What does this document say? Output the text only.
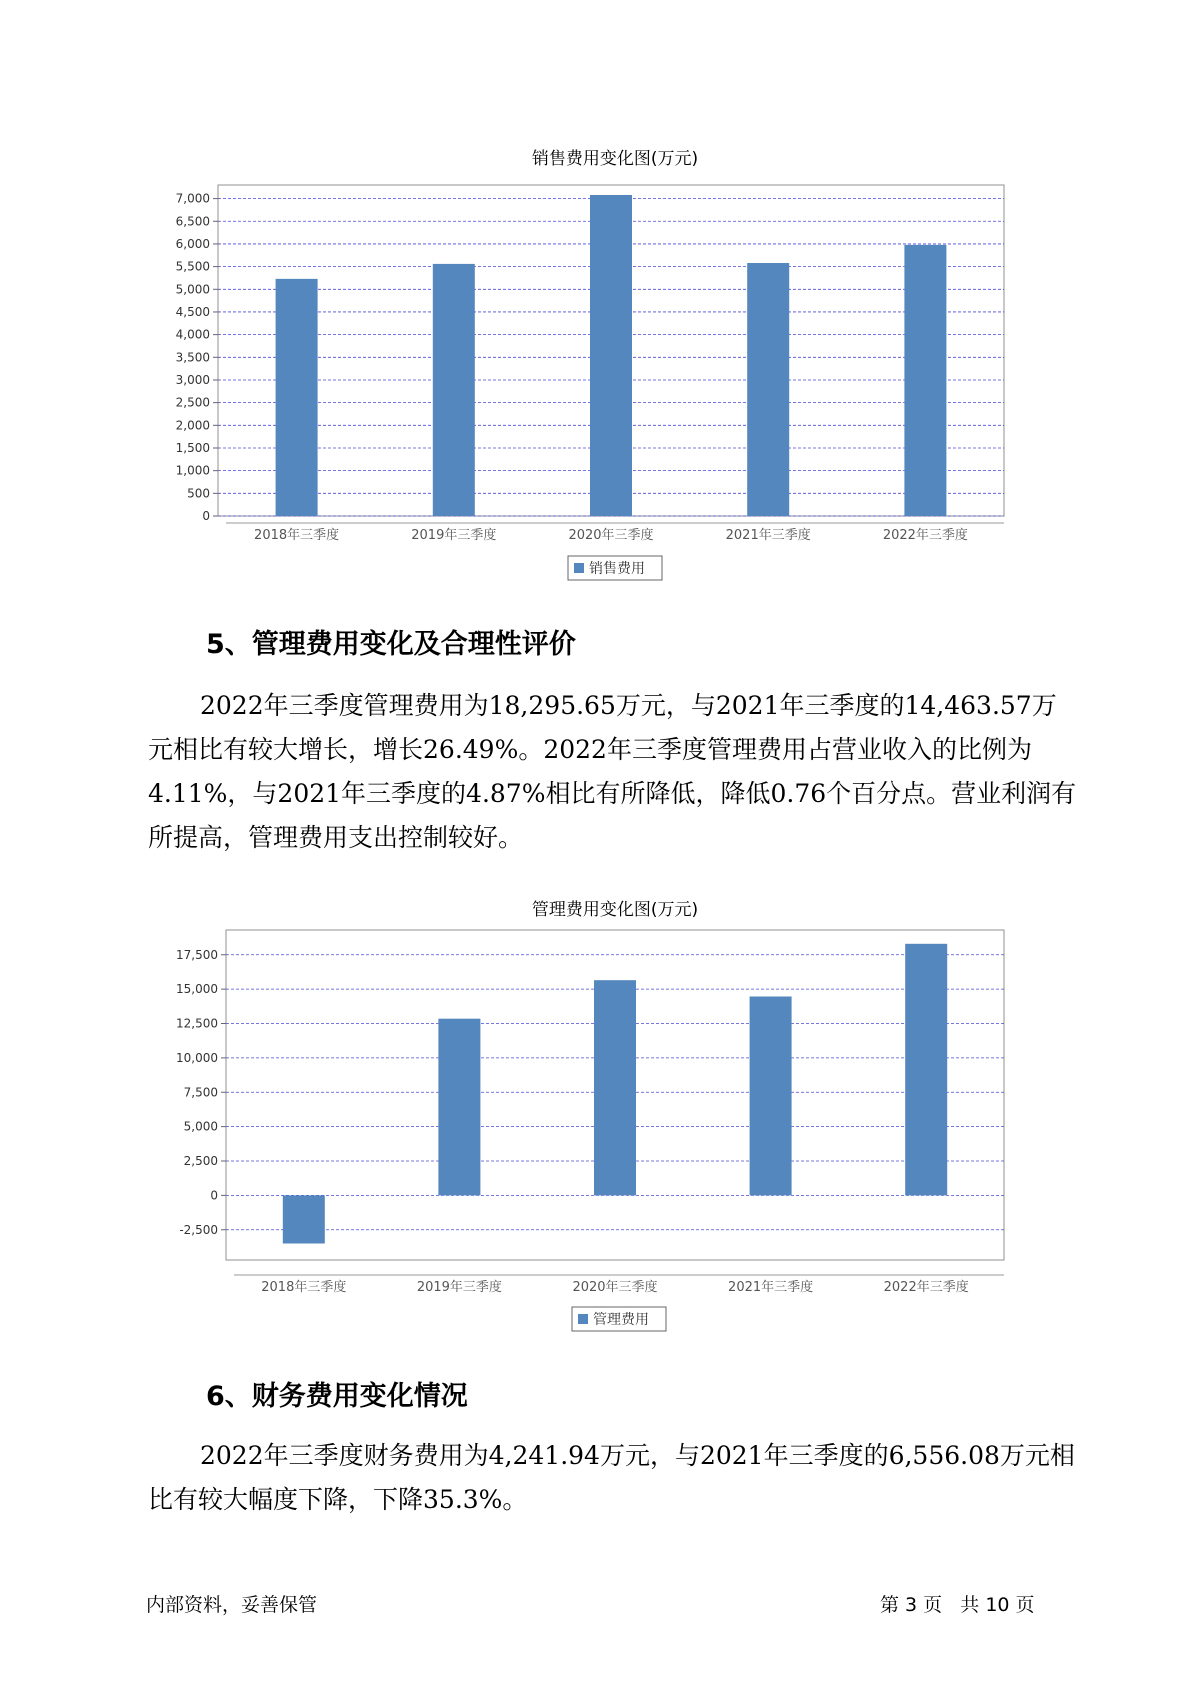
销售费用变化图(万元)
0
500
1,000
1,500
2,000
2,500
3,000
3,500
4,000
4,500
5,000
5,500
6,000
6,500
7,000
2018年三季度	2019年三季度	2020年三季度	2021年三季度	2022年三季度
销售费用
5、管理费用变化及合理性评价

2022年三季度管理费用为18,295.65万元，与2021年三季度的14,463.57万元相比有较大增长，增长26.49%。2022年三季度管理费用占营业收入的比例为4.11%，与2021年三季度的4.87%相比有所降低，降低0.76个百分点。营业利润有所提高，管理费用支出控制较好。

管理费用变化图(万元)
-2,500
0
2,500
5,000
7,500
10,000
12,500
15,000
17,500
2018年三季度	2019年三季度	2020年三季度	2021年三季度	2022年三季度
管理费用
6、财务费用变化情况

2022年三季度财务费用为4,241.94万元，与2021年三季度的6,556.08万元相比有较大幅度下降，下降35.3%。

内部资料，妥善保管	第 3 页   共 10 页
